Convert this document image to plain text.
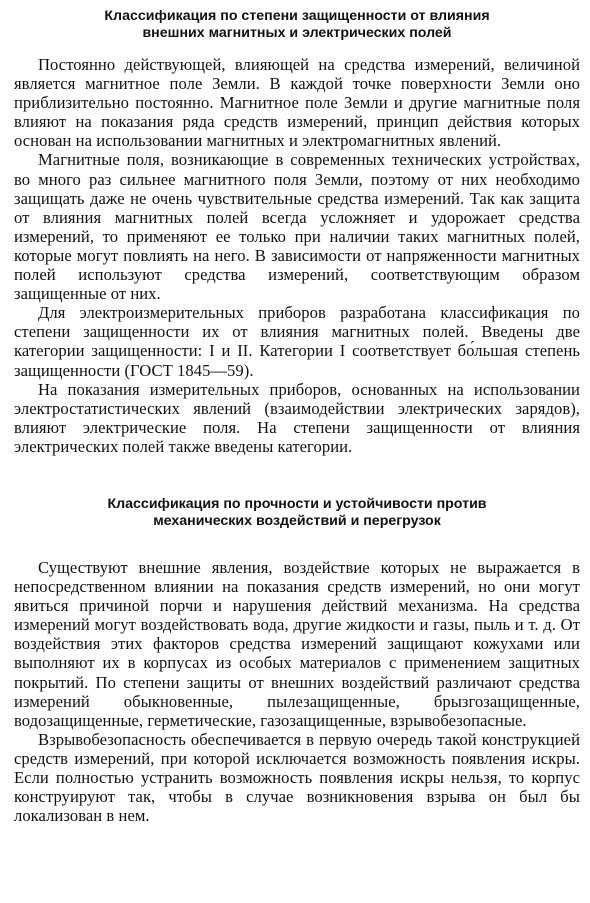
Классификация по степени защищенности от влияния
внешних магнитных и электрических полей

Постоянно действующей, влияющей на средства измерений, величиной является магнитное поле Земли. В каждой точке поверхности Земли оно приблизительно постоянно. Магнитное поле Земли и другие магнитные поля влияют на показания ряда средств измерений, принцип действия которых основан на использовании магнитных и электромагнитных явлений.

Магнитные поля, возникающие в современных технических устройствах, во много раз сильнее магнитного поля Земли, поэтому от них необходимо защищать даже не очень чувствительные средства измерений. Так как защита от влияния магнитных полей всегда усложняет и удорожает средства измерений, то применяют ее только при наличии таких магнитных полей, которые могут повлиять на него. В зависимости от напряженности магнитных полей используют средства измерений, соответствующим образом защищенные от них.

Для электроизмерительных приборов разработана классификация по степени защищенности их от влияния магнитных полей. Введены две категории защищенности: I и II. Категории I соответствует бо́льшая степень защищенности (ГОСТ 1845—59).

На показания измерительных приборов, основанных на использовании электростатистических явлений (взаимодействии электрических зарядов), влияют электрические поля. На степени защищенности от влияния электрических полей также введены категории.

Классификация по прочности и устойчивости против
механических воздействий и перегрузок

Существуют внешние явления, воздействие которых не выражается в непосредственном влиянии на показания средств измерений, но они могут явиться причиной порчи и нарушения действий механизма. На средства измерений могут воздействовать вода, другие жидкости и газы, пыль и т. д. От воздействия этих факторов средства измерений защищают кожухами или выполняют их в корпусах из особых материалов с применением защитных покрытий. По степени защиты от внешних воздействий различают средства измерений обыкновенные, пылезащищенные, брызгозащищенные, водозащищенные, герметические, газозащищенные, взрывобезопасные.

Взрывобезопасность обеспечивается в первую очередь такой конструкцией средств измерений, при которой исключается возможность появления искры. Если полностью устранить возможность появления искры нельзя, то корпус конструируют так, чтобы в случае возникновения взрыва он был бы локализован в нем.
